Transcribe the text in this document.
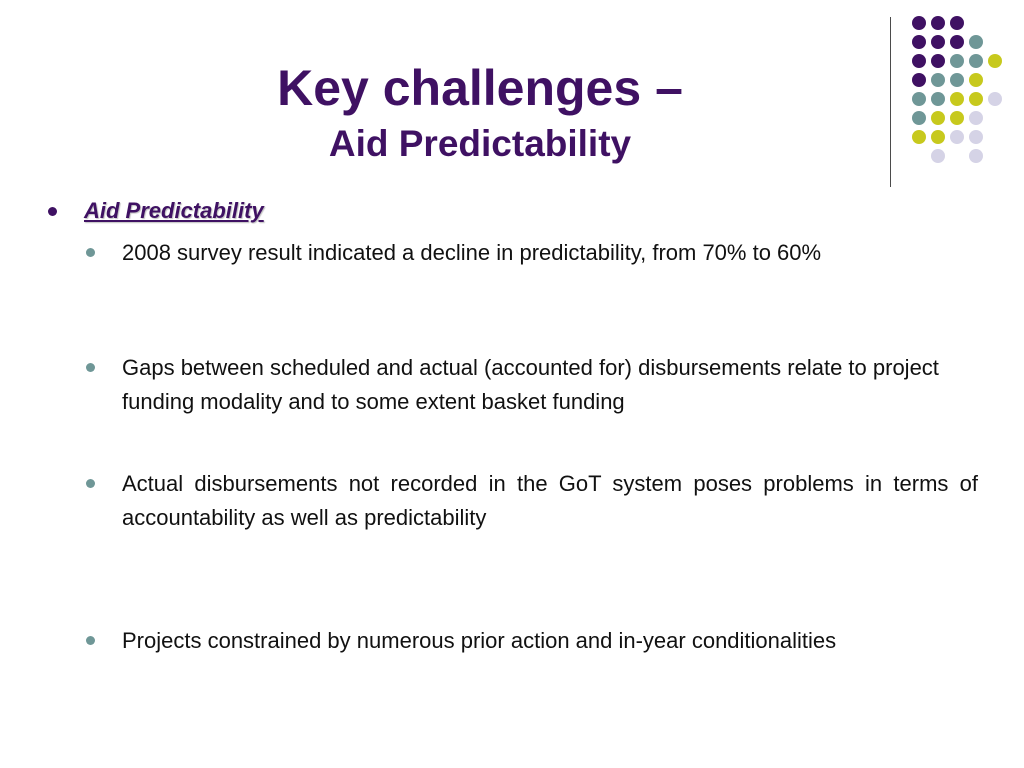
Key challenges –
Aid Predictability
Aid Predictability
2008 survey result indicated a decline in predictability, from 70% to 60%
Gaps between scheduled and actual (accounted for) disbursements relate to project funding modality and to some extent basket funding
Actual disbursements not recorded in the GoT system poses problems in terms of accountability as well as predictability
Projects constrained by numerous prior action and in-year conditionalities
